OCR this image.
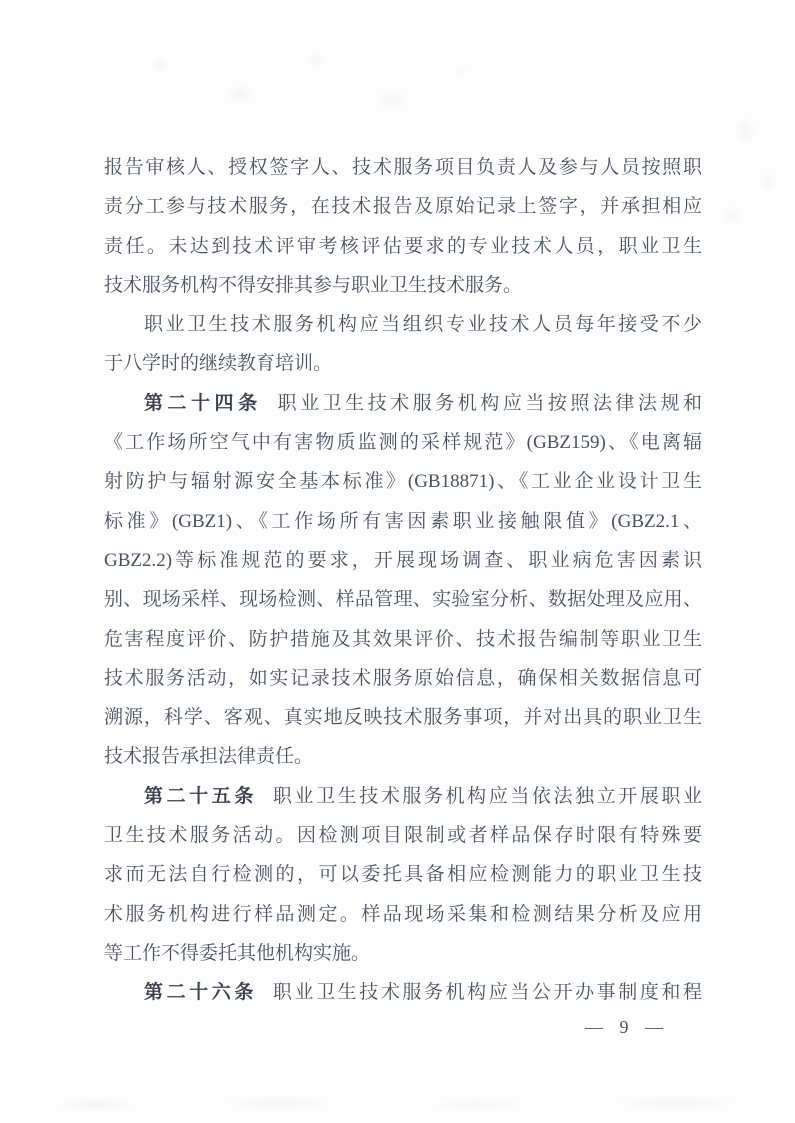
报告审核人、授权签字人、技术服务项目负责人及参与人员按照职
责分工参与技术服务，在技术报告及原始记录上签字，并承担相应
责任。未达到技术评审考核评估要求的专业技术人员，职业卫生
技术服务机构不得安排其参与职业卫生技术服务。
职业卫生技术服务机构应当组织专业技术人员每年接受不少
于八学时的继续教育培训。
第二十四条 职业卫生技术服务机构应当按照法律法规和
《工作场所空气中有害物质监测的采样规范》(GBZ159)、《电离辐
射防护与辐射源安全基本标准》(GB18871)、《工业企业设计卫生
标准》(GBZ1)、《工作场所有害因素职业接触限值》(GBZ2.1、
GBZ2.2)等标准规范的要求，开展现场调查、职业病危害因素识
别、现场采样、现场检测、样品管理、实验室分析、数据处理及应用、
危害程度评价、防护措施及其效果评价、技术报告编制等职业卫生
技术服务活动，如实记录技术服务原始信息，确保相关数据信息可
溯源，科学、客观、真实地反映技术服务事项，并对出具的职业卫生
技术报告承担法律责任。
第二十五条 职业卫生技术服务机构应当依法独立开展职业
卫生技术服务活动。因检测项目限制或者样品保存时限有特殊要
求而无法自行检测的，可以委托具备相应检测能力的职业卫生技
术服务机构进行样品测定。样品现场采集和检测结果分析及应用
等工作不得委托其他机构实施。
第二十六条 职业卫生技术服务机构应当公开办事制度和程
— 9 —
